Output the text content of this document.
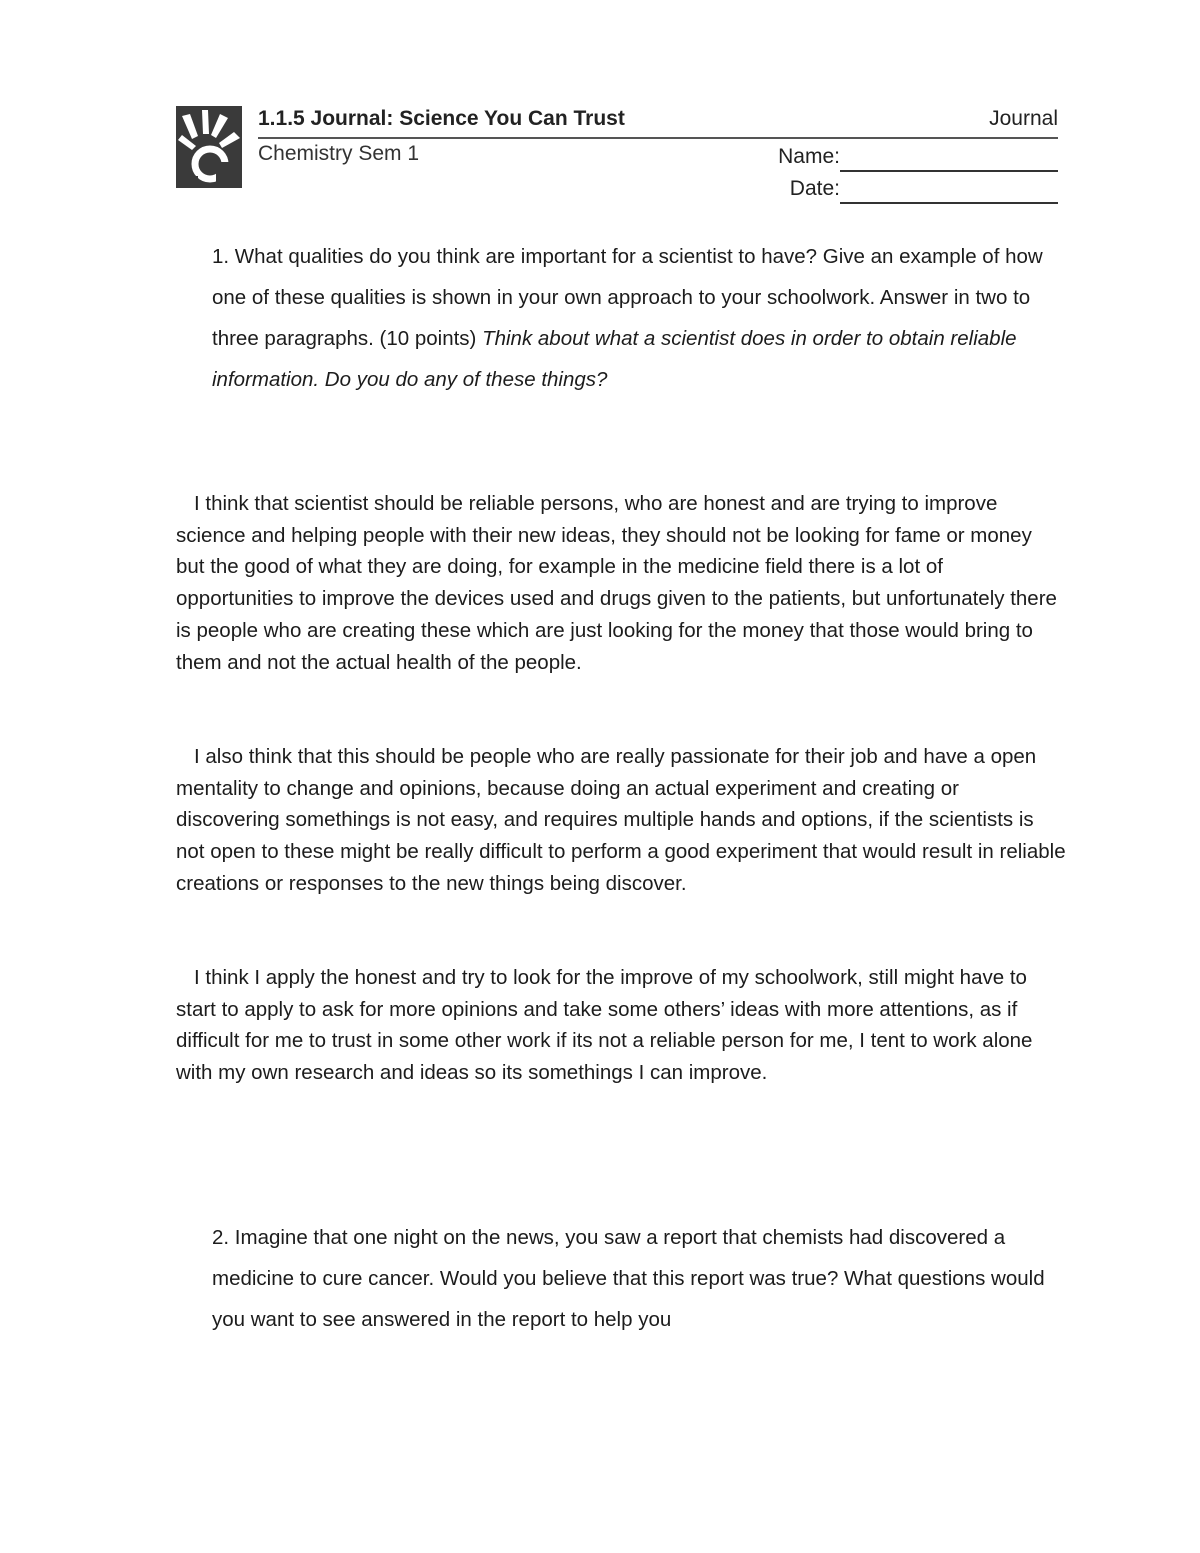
1.1.5 Journal: Science You Can Trust	Journal
Chemistry Sem 1	Name:
Date:
1. What qualities do you think are important for a scientist to have? Give an example of how one of these qualities is shown in your own approach to your schoolwork. Answer in two to three paragraphs. (10 points) Think about what a scientist does in order to obtain reliable information. Do you do any of these things?

I think that scientist should be reliable persons, who are honest and are trying to improve science and helping people with their new ideas, they should not be looking for fame or money but the good of what they are doing, for example in the medicine field there is a lot of opportunities to improve the devices used and drugs given to the patients, but unfortunately there is people who are creating these which are just looking for the money that those would bring to them and not the actual health of the people.

I also think that this should be people who are really passionate for their job and have a open mentality to change and opinions, because doing an actual experiment and creating or discovering somethings is not easy, and requires multiple hands and options, if the scientists is not open to these might be really difficult to perform a good experiment that would result in reliable creations or responses to the new things being discover.

I think I apply the honest and try to look for the improve of my schoolwork, still might have to start to apply to ask for more opinions and take some others’ ideas with more attentions, as if difficult for me to trust in some other work if its not a reliable person for me, I tent to work alone with my own research and ideas so its somethings I can improve.

2. Imagine that one night on the news, you saw a report that chemists had discovered a medicine to cure cancer. Would you believe that this report was true? What questions would you want to see answered in the report to help you
